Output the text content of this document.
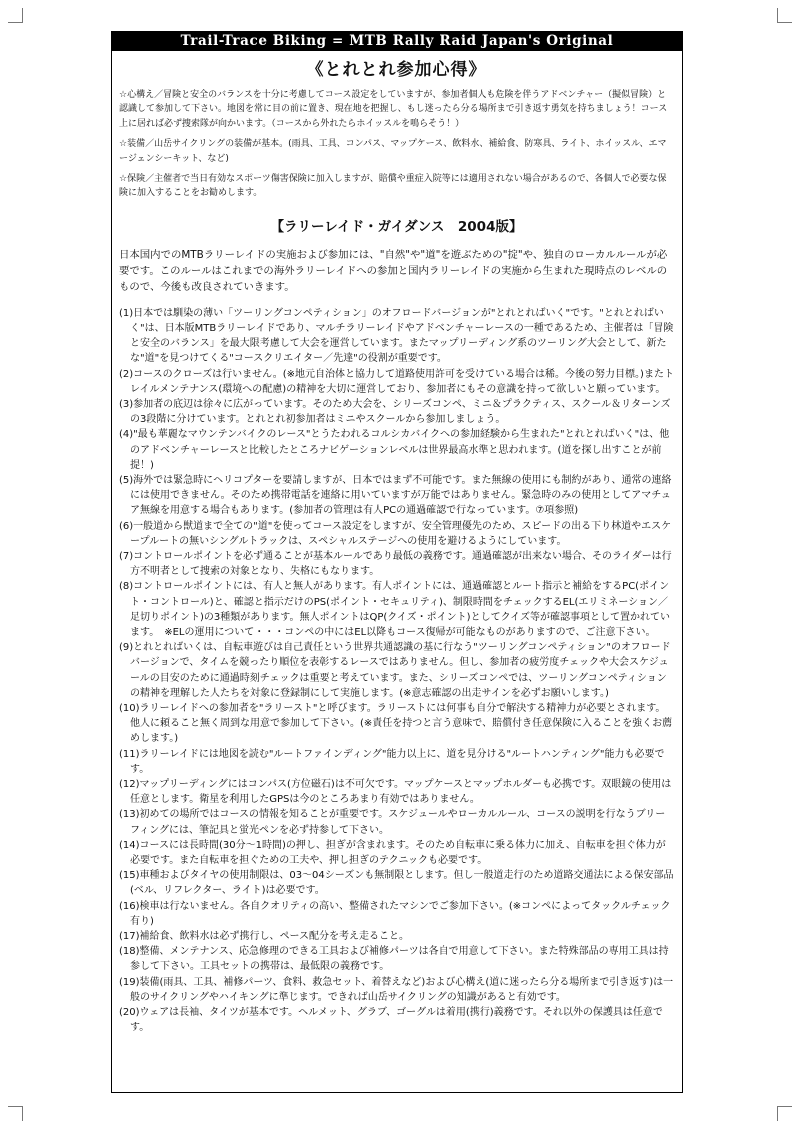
Trail-Trace Biking = MTB Rally Raid Japan's Original
《とれとれ参加心得》

☆心構え／冒険と安全のバランスを十分に考慮してコース設定をしていますが、参加者個人も危険を伴うアドベンチャー（擬似冒険）と認識して参加して下さい。地図を常に目の前に置き、現在地を把握し、もし迷ったら分る場所まで引き返す勇気を持ちましょう！コース上に居れば必ず捜索隊が向かいます。（コースから外れたらホイッスルを鳴らそう！）

☆装備／山岳サイクリングの装備が基本。(雨具、工具、コンパス、マップケース、飲料水、補給食、防寒具、ライト、ホイッスル、エマージェンシーキット、など)

☆保険／主催者で当日有効なスポーツ傷害保険に加入しますが、賠償や重症入院等には適用されない場合があるので、各個人で必要な保険に加入することをお勧めします。

【ラリーレイド・ガイダンス　2004版】

日本国内でのMTBラリーレイドの実施および参加には、"自然"や"道"を遊ぶための"掟"や、独自のローカルルールが必要です。このルールはこれまでの海外ラリーレイドへの参加と国内ラリーレイドの実施から生まれた現時点のレベルのもので、今後も改良されていきます。

(1)日本では馴染の薄い「ツーリングコンペティション」のオフロードバージョンが"とれとればいく"です。"とれとればいく"は、日本版MTBラリーレイドであり、マルチラリーレイドやアドベンチャーレースの一種であるため、主催者は「冒険と安全のバランス」を最大限考慮して大会を運営しています。またマップリーディング系のツーリング大会として、新たな"道"を見つけてくる"コースクリエイター／先達"の役割が重要です。
(2)コースのクローズは行いません。(※地元自治体と協力して道路使用許可を受けている場合は稀。今後の努力目標。)またトレイルメンテナンス(環境への配慮)の精神を大切に運営しており、参加者にもその意識を持って欲しいと願っています。
(3)参加者の底辺は徐々に広がっています。そのため大会を、シリーズコンペ、ミニ＆プラクティス、スクール＆リターンズの3段階に分けています。とれとれ初参加者はミニやスクールから参加しましょう。
(4)"最も華麗なマウンテンバイクのレース"とうたわれるコルシカバイクへの参加経験から生まれた"とれとればいく"は、他のアドベンチャーレースと比較したところナビゲーションレベルは世界最高水準と思われます。(道を探し出すことが前提！)
(5)海外では緊急時にヘリコプターを要請しますが、日本ではまず不可能です。また無線の使用にも制約があり、通常の連絡には使用できません。そのため携帯電話を連絡に用いていますが万能ではありません。緊急時のみの使用としてアマチュア無線を用意する場合もあります。(参加者の管理は有人PCの通過確認で行なっています。⑦項参照)
(6)一般道から獣道まで全ての"道"を使ってコース設定をしますが、安全管理優先のため、スピードの出る下り林道やエスケープルートの無いシングルトラックは、スペシャルステージへの使用を避けるようにしています。
(7)コントロールポイントを必ず通ることが基本ルールであり最低の義務です。通過確認が出来ない場合、そのライダーは行方不明者として捜索の対象となり、失格にもなります。
(8)コントロールポイントには、有人と無人があります。有人ポイントには、通過確認とルート指示と補給をするPC(ポイント・コントロール)と、確認と指示だけのPS(ポイント・セキュリティ)、制限時間をチェックするEL(エリミネーション／足切りポイント)の3種類があります。無人ポイントはQP(クイズ・ポイント)としてクイズ等が確認事項として置かれています。　※ELの運用について・・・コンペの中にはEL以降もコース復帰が可能なものがありますので、ご注意下さい。
(9)とれとればいくは、自転車遊びは自己責任という世界共通認識の基に行なう"ツーリングコンペティション"のオフロードバージョンで、タイムを競ったり順位を表彰するレースではありません。但し、参加者の疲労度チェックや大会スケジュールの目安のために通過時刻チェックは重要と考えています。また、シリーズコンペでは、ツーリングコンペティションの精神を理解した人たちを対象に登録制にして実施します。(※意志確認の出走サインを必ずお願いします。)
(10)ラリーレイドへの参加者を"ラリースト"と呼びます。ラリーストには何事も自分で解決する精神力が必要とされます。他人に頼ること無く周到な用意で参加して下さい。(※責任を持つと言う意味で、賠償付き任意保険に入ることを強くお薦めします。)
(11)ラリーレイドには地図を読む"ルートファインディング"能力以上に、道を見分ける"ルートハンティング"能力も必要です。
(12)マップリーディングにはコンパス(方位磁石)は不可欠です。マップケースとマップホルダーも必携です。双眼鏡の使用は任意とします。衛星を利用したGPSは今のところあまり有効ではありません。
(13)初めての場所ではコースの情報を知ることが重要です。スケジュールやローカルルール、コースの説明を行なうブリーフィングには、筆記具と蛍光ペンを必ず持参して下さい。
(14)コースには長時間(30分～1時間)の押し、担ぎが含まれます。そのため自転車に乗る体力に加え、自転車を担ぐ体力が必要です。また自転車を担ぐための工夫や、押し担ぎのテクニックも必要です。
(15)車種およびタイヤの使用制限は、03～04シーズンも無制限とします。但し一般道走行のため道路交通法による保安部品(ベル、リフレクター、ライト)は必要です。
(16)検車は行ないません。各自クオリティの高い、整備されたマシンでご参加下さい。(※コンペによってタックルチェック有り)
(17)補給食、飲料水は必ず携行し、ペース配分を考え走ること。
(18)整備、メンテナンス、応急修理のできる工具および補修パーツは各自で用意して下さい。また特殊部品の専用工具は持参して下さい。工具セットの携帯は、最低限の義務です。
(19)装備(雨具、工具、補修パーツ、食料、救急セット、着替えなど)および心構え(道に迷ったら分る場所まで引き返す)は一般のサイクリングやハイキングに準じます。できれば山岳サイクリングの知識があると有効です。
(20)ウェアは長袖、タイツが基本です。ヘルメット、グラブ、ゴーグルは着用(携行)義務です。それ以外の保護具は任意です。
